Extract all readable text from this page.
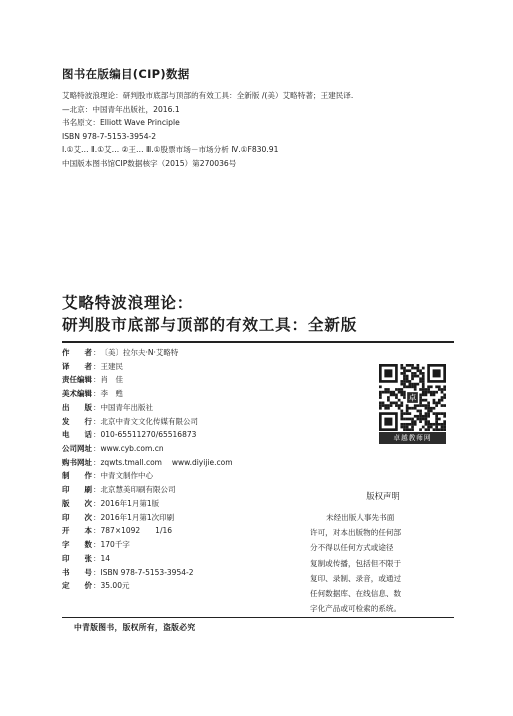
图书在版编目(CIP)数据
艾略特波浪理论：研判股市底部与顶部的有效工具：全新版 /(美）艾略特著；王建民译.
—北京：中国青年出版社，2016.1
书名原文：Elliott Wave Principle
ISBN 978-7-5153-3954-2
Ⅰ.①艾… Ⅱ.①艾… ②王… Ⅲ.①股票市场－市场分析 Ⅳ.①F830.91
中国版本图书馆CIP数据核字（2015）第270036号
艾略特波浪理论：
研判股市底部与顶部的有效工具：全新版
作　　者 ： 〔美〕拉尔夫·N·艾略特
译　　者 ： 王建民
责任编辑 ： 肖　佳
美术编辑 ： 李　甦
出　　版 ： 中国青年出版社
发　　行 ： 北京中青文文化传媒有限公司
电　　话 ： 010-65511270/65516873
公司网址 ： www.cyb.com.cn
购书网址 ： zqwts.tmall.com　 www.diyijie.com
制　　作 ： 中青文制作中心
印　　刷 ： 北京慧美印刷有限公司
版　　次 ： 2016年1月第1版
印　　次 ： 2016年1月第1次印刷
开　　本 ： 787×1092　　1/16
字　　数 ： 170千字
印　　张 ： 14
书　　号 ： ISBN 978-7-5153-3954-2
定　　价 ： 35.00元
卓
卓越教师网
版权声明
未经出版人事先书面
许可，对本出版物的任何部
分不得以任何方式或途径
复制或传播，包括但不限于
复印、录制、录音，或通过
任何数据库、在线信息、数
字化产品或可检索的系统。
中青版图书，版权所有，盗版必究
